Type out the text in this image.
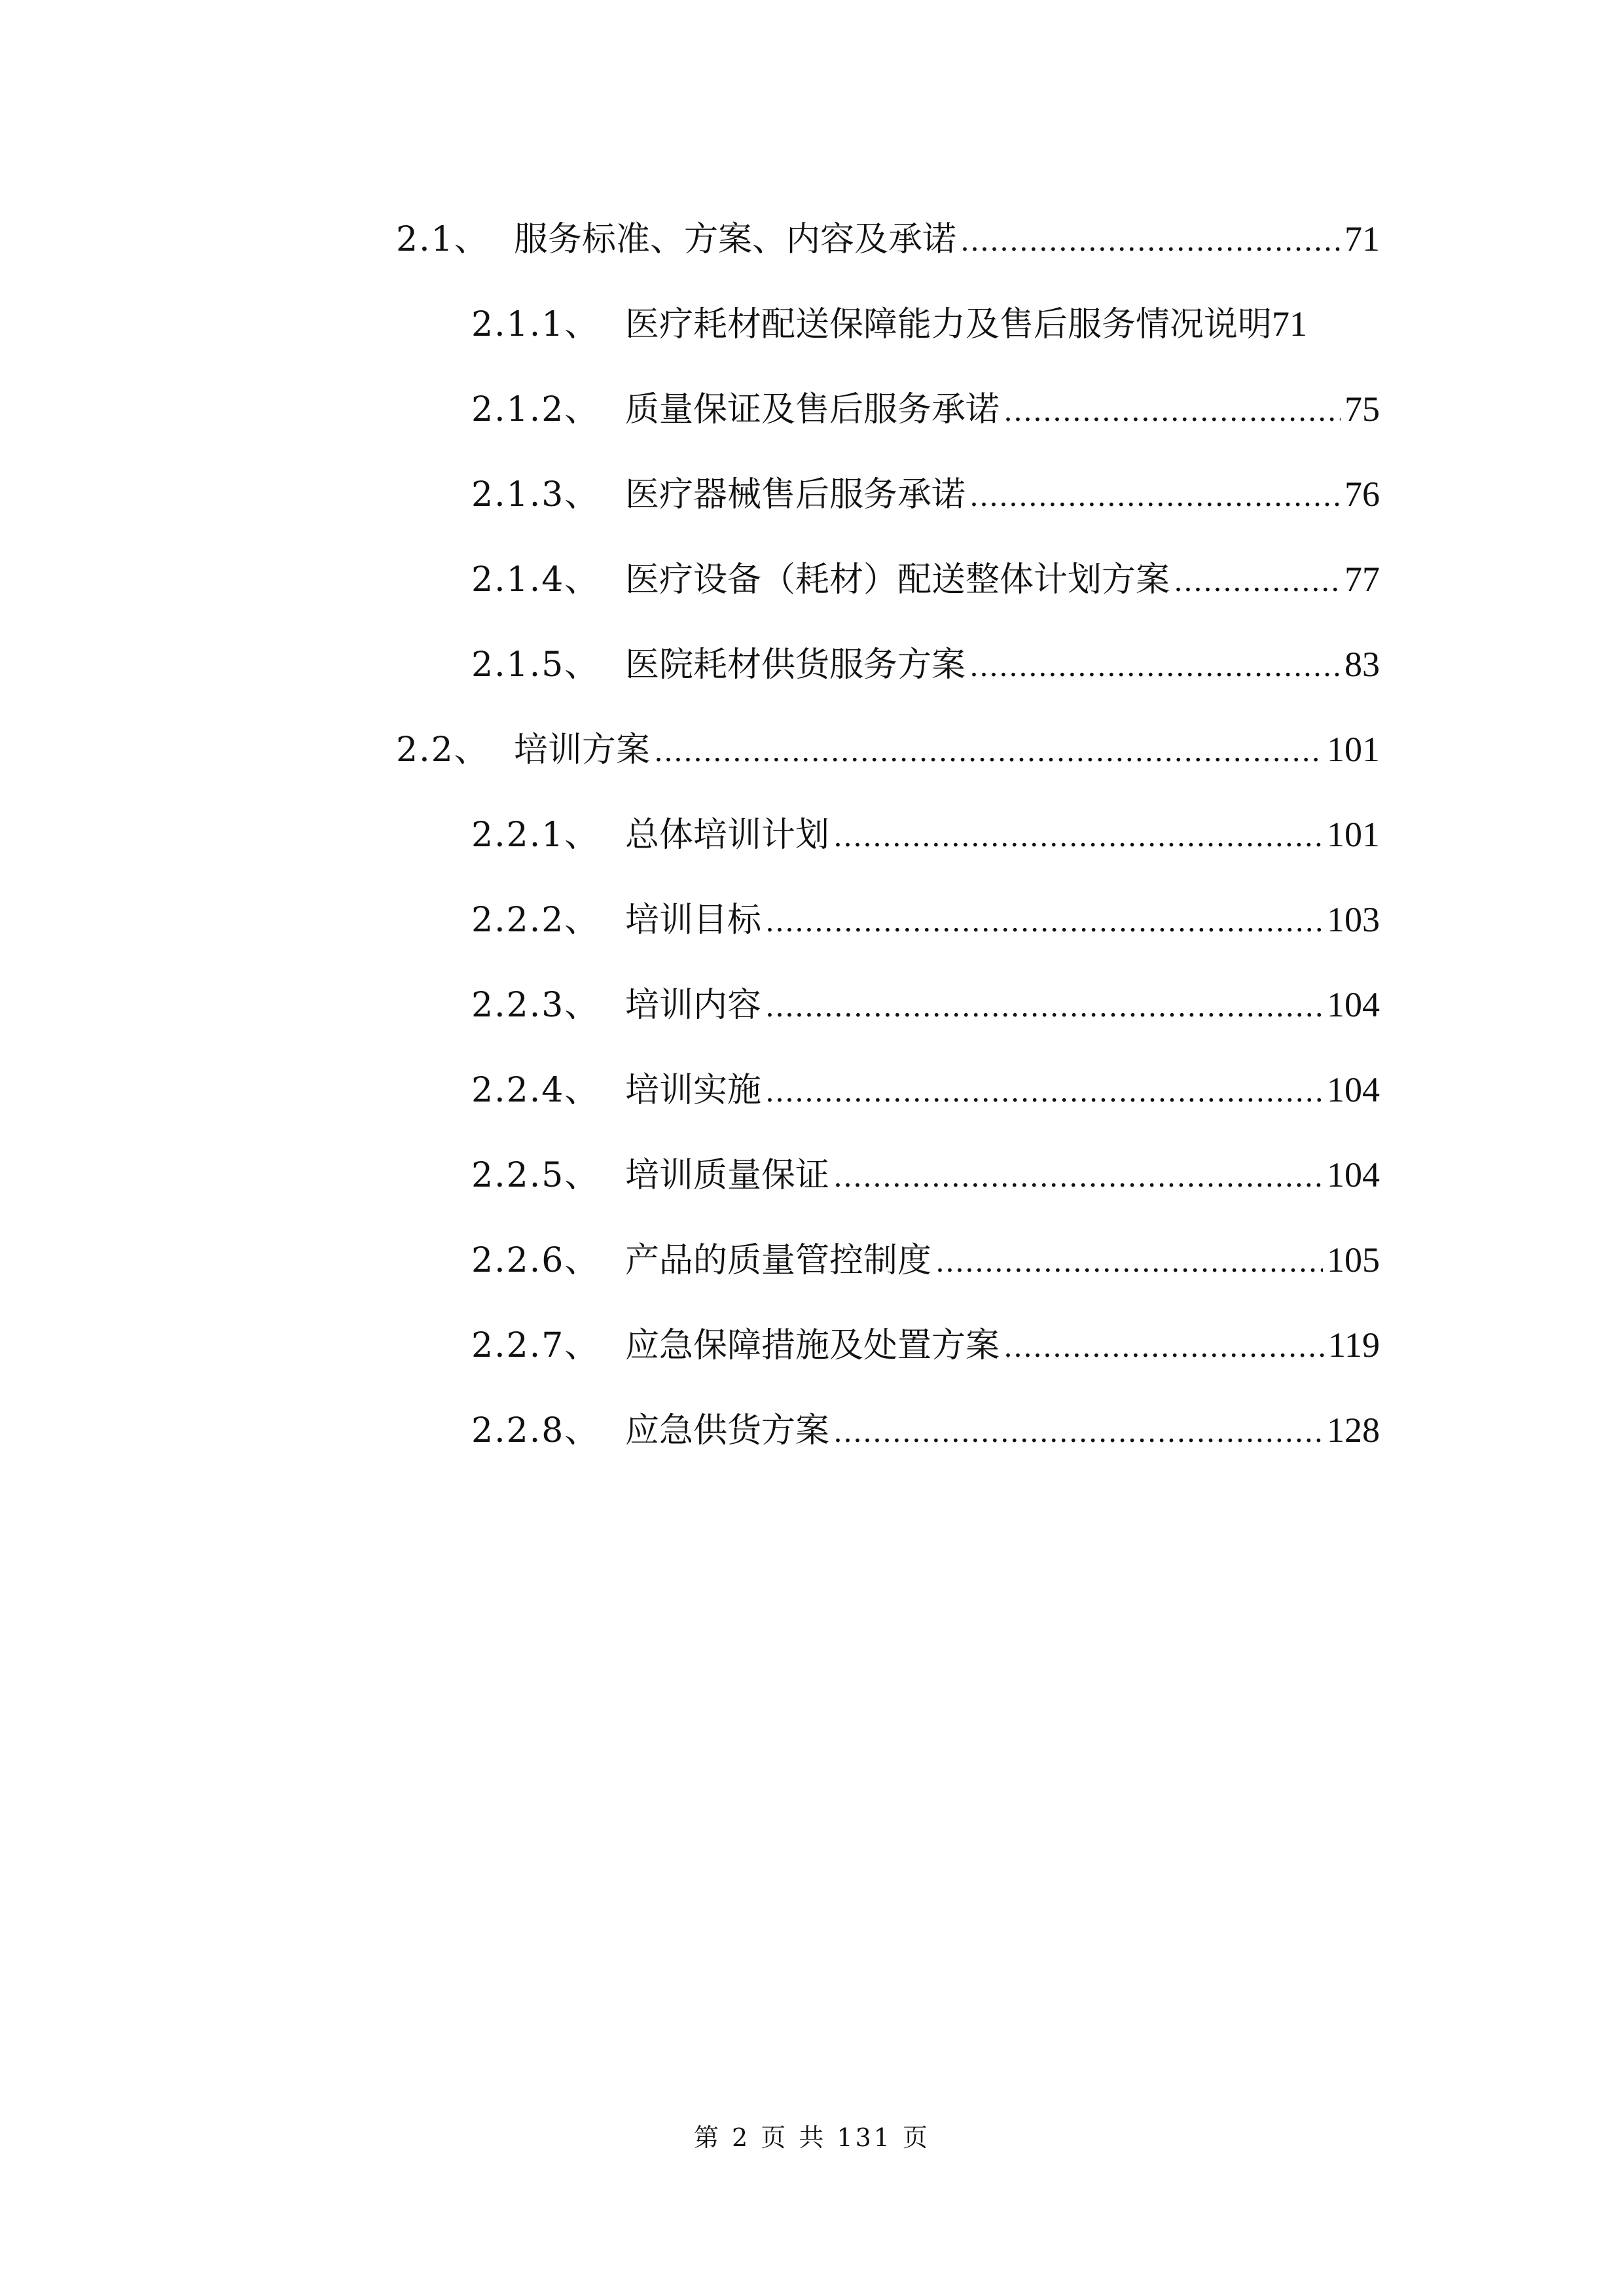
2.1、 服务标准、方案、内容及承诺 .....	71
2.1.1、 医疗耗材配送保障能力及售后服务情况说明 71
2.1.2、 质量保证及售后服务承诺 .....	75
2.1.3、 医疗器械售后服务承诺 .....	76
2.1.4、 医疗设备（耗材）配送整体计划方案 .....	77
2.1.5、 医院耗材供货服务方案 .....	83
2.2、 培训方案 .....	101
2.2.1、 总体培训计划 .....	101
2.2.2、 培训目标 .....	103
2.2.3、 培训内容 .....	104
2.2.4、 培训实施 .....	104
2.2.5、 培训质量保证 .....	104
2.2.6、 产品的质量管控制度 .....	105
2.2.7、 应急保障措施及处置方案 .....	119
2.2.8、 应急供货方案 .....	128
第 2 页 共 131 页
